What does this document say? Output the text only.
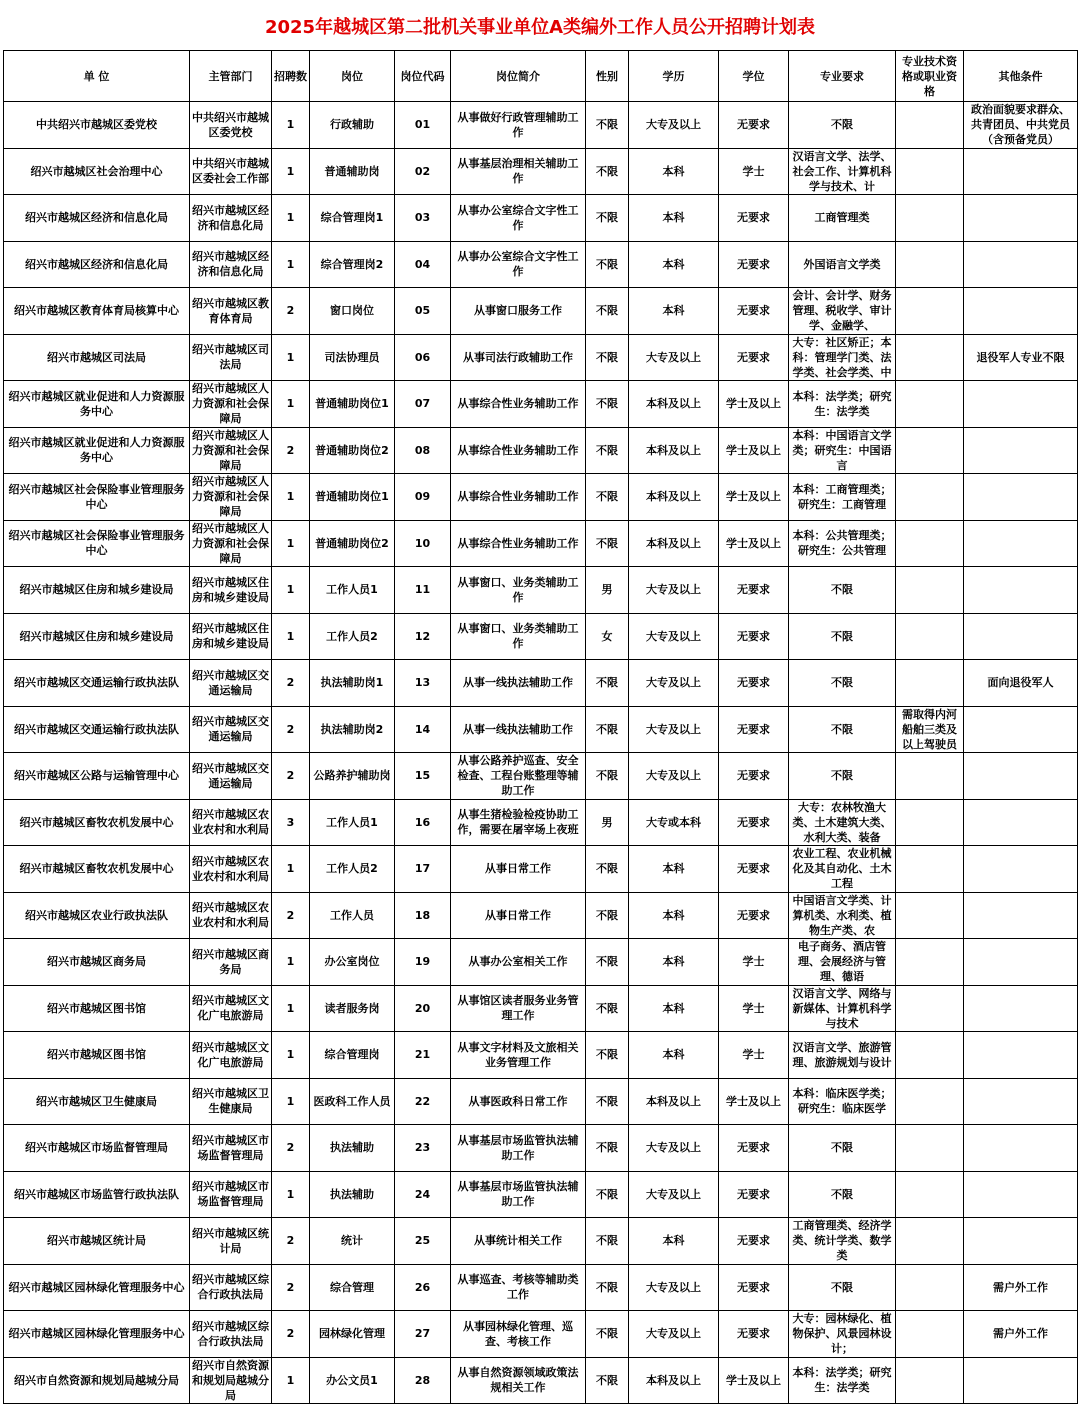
2025年越城区第二批机关事业单位A类编外工作人员公开招聘计划表
单 位	主管部门	招聘数	岗位	岗位代码	岗位简介	性别	学历	学位	专业要求	专业技术资格或职业资格	其他条件

中共绍兴市越城区委党校	中共绍兴市越城区委党校	1	行政辅助	01	从事做好行政管理辅助工作	不限	大专及以上	无要求	不限		政治面貌要求群众、共青团员、中共党员（含预备党员）

绍兴市越城区社会治理中心	中共绍兴市越城区委社会工作部	1	普通辅助岗	02	从事基层治理相关辅助工作	不限	本科	学士	汉语言文学、法学、社会工作、计算机科学与技术、计		

绍兴市越城区经济和信息化局	绍兴市越城区经济和信息化局	1	综合管理岗1	03	从事办公室综合文字性工作	不限	本科	无要求	工商管理类		

绍兴市越城区经济和信息化局	绍兴市越城区经济和信息化局	1	综合管理岗2	04	从事办公室综合文字性工作	不限	本科	无要求	外国语言文学类		

绍兴市越城区教育体育局核算中心	绍兴市越城区教育体育局	2	窗口岗位	05	从事窗口服务工作	不限	本科	无要求	会计、会计学、财务管理、税收学、审计学、金融学、		

绍兴市越城区司法局	绍兴市越城区司法局	1	司法协理员	06	从事司法行政辅助工作	不限	大专及以上	无要求	大专：社区矫正；本科：管理学门类、法学类、社会学类、中		退役军人专业不限

绍兴市越城区就业促进和人力资源服务中心	绍兴市越城区人力资源和社会保障局	1	普通辅助岗位1	07	从事综合性业务辅助工作	不限	本科及以上	学士及以上	本科：法学类；研究生：法学类		

绍兴市越城区就业促进和人力资源服务中心	绍兴市越城区人力资源和社会保障局	2	普通辅助岗位2	08	从事综合性业务辅助工作	不限	本科及以上	学士及以上	本科：中国语言文学类；研究生：中国语言		

绍兴市越城区社会保险事业管理服务中心	绍兴市越城区人力资源和社会保障局	1	普通辅助岗位1	09	从事综合性业务辅助工作	不限	本科及以上	学士及以上	本科：工商管理类；研究生：工商管理		

绍兴市越城区社会保险事业管理服务中心	绍兴市越城区人力资源和社会保障局	1	普通辅助岗位2	10	从事综合性业务辅助工作	不限	本科及以上	学士及以上	本科：公共管理类；研究生：公共管理		

绍兴市越城区住房和城乡建设局	绍兴市越城区住房和城乡建设局	1	工作人员1	11	从事窗口、业务类辅助工作	男	大专及以上	无要求	不限		

绍兴市越城区住房和城乡建设局	绍兴市越城区住房和城乡建设局	1	工作人员2	12	从事窗口、业务类辅助工作	女	大专及以上	无要求	不限		

绍兴市越城区交通运输行政执法队	绍兴市越城区交通运输局	2	执法辅助岗1	13	从事一线执法辅助工作	不限	大专及以上	无要求	不限		面向退役军人

绍兴市越城区交通运输行政执法队	绍兴市越城区交通运输局	2	执法辅助岗2	14	从事一线执法辅助工作	不限	大专及以上	无要求	不限	需取得内河船舶三类及以上驾驶员	

绍兴市越城区公路与运输管理中心	绍兴市越城区交通运输局	2	公路养护辅助岗	15	从事公路养护巡查、安全检查、工程台账整理等辅助工作	不限	大专及以上	无要求	不限		

绍兴市越城区畜牧农机发展中心	绍兴市越城区农业农村和水利局	3	工作人员1	16	从事生猪检验检疫协助工作，需要在屠宰场上夜班	男	大专或本科	无要求	大专：农林牧渔大类、土木建筑大类、水利大类、装备		

绍兴市越城区畜牧农机发展中心	绍兴市越城区农业农村和水利局	1	工作人员2	17	从事日常工作	不限	本科	无要求	农业工程、农业机械化及其自动化、土木工程		

绍兴市越城区农业行政执法队	绍兴市越城区农业农村和水利局	2	工作人员	18	从事日常工作	不限	本科	无要求	中国语言文学类、计算机类、水利类、植物生产类、农		

绍兴市越城区商务局	绍兴市越城区商务局	1	办公室岗位	19	从事办公室相关工作	不限	本科	学士	电子商务、酒店管理、会展经济与管理、德语		

绍兴市越城区图书馆	绍兴市越城区文化广电旅游局	1	读者服务岗	20	从事馆区读者服务业务管理工作	不限	本科	学士	汉语言文学、网络与新媒体、计算机科学与技术		

绍兴市越城区图书馆	绍兴市越城区文化广电旅游局	1	综合管理岗	21	从事文字材料及文旅相关业务管理工作	不限	本科	学士	汉语言文学、旅游管理、旅游规划与设计		

绍兴市越城区卫生健康局	绍兴市越城区卫生健康局	1	医政科工作人员	22	从事医政科日常工作	不限	本科及以上	学士及以上	本科：临床医学类；研究生：临床医学		

绍兴市越城区市场监督管理局	绍兴市越城区市场监督管理局	2	执法辅助	23	从事基层市场监管执法辅助工作	不限	大专及以上	无要求	不限		

绍兴市越城区市场监管行政执法队	绍兴市越城区市场监督管理局	1	执法辅助	24	从事基层市场监管执法辅助工作	不限	大专及以上	无要求	不限		

绍兴市越城区统计局	绍兴市越城区统计局	2	统计	25	从事统计相关工作	不限	本科	无要求	工商管理类、经济学类、统计学类、数学类		

绍兴市越城区园林绿化管理服务中心	绍兴市越城区综合行政执法局	2	综合管理	26	从事巡查、考核等辅助类工作	不限	大专及以上	无要求	不限		需户外工作

绍兴市越城区园林绿化管理服务中心	绍兴市越城区综合行政执法局	2	园林绿化管理	27	从事园林绿化管理、巡查、考核工作	不限	大专及以上	无要求	大专：园林绿化、植物保护、风景园林设计；		需户外工作

绍兴市自然资源和规划局越城分局	绍兴市自然资源和规划局越城分局	1	办公文员1	28	从事自然资源领域政策法规相关工作	不限	本科及以上	学士及以上	本科：法学类；研究生：法学类		
